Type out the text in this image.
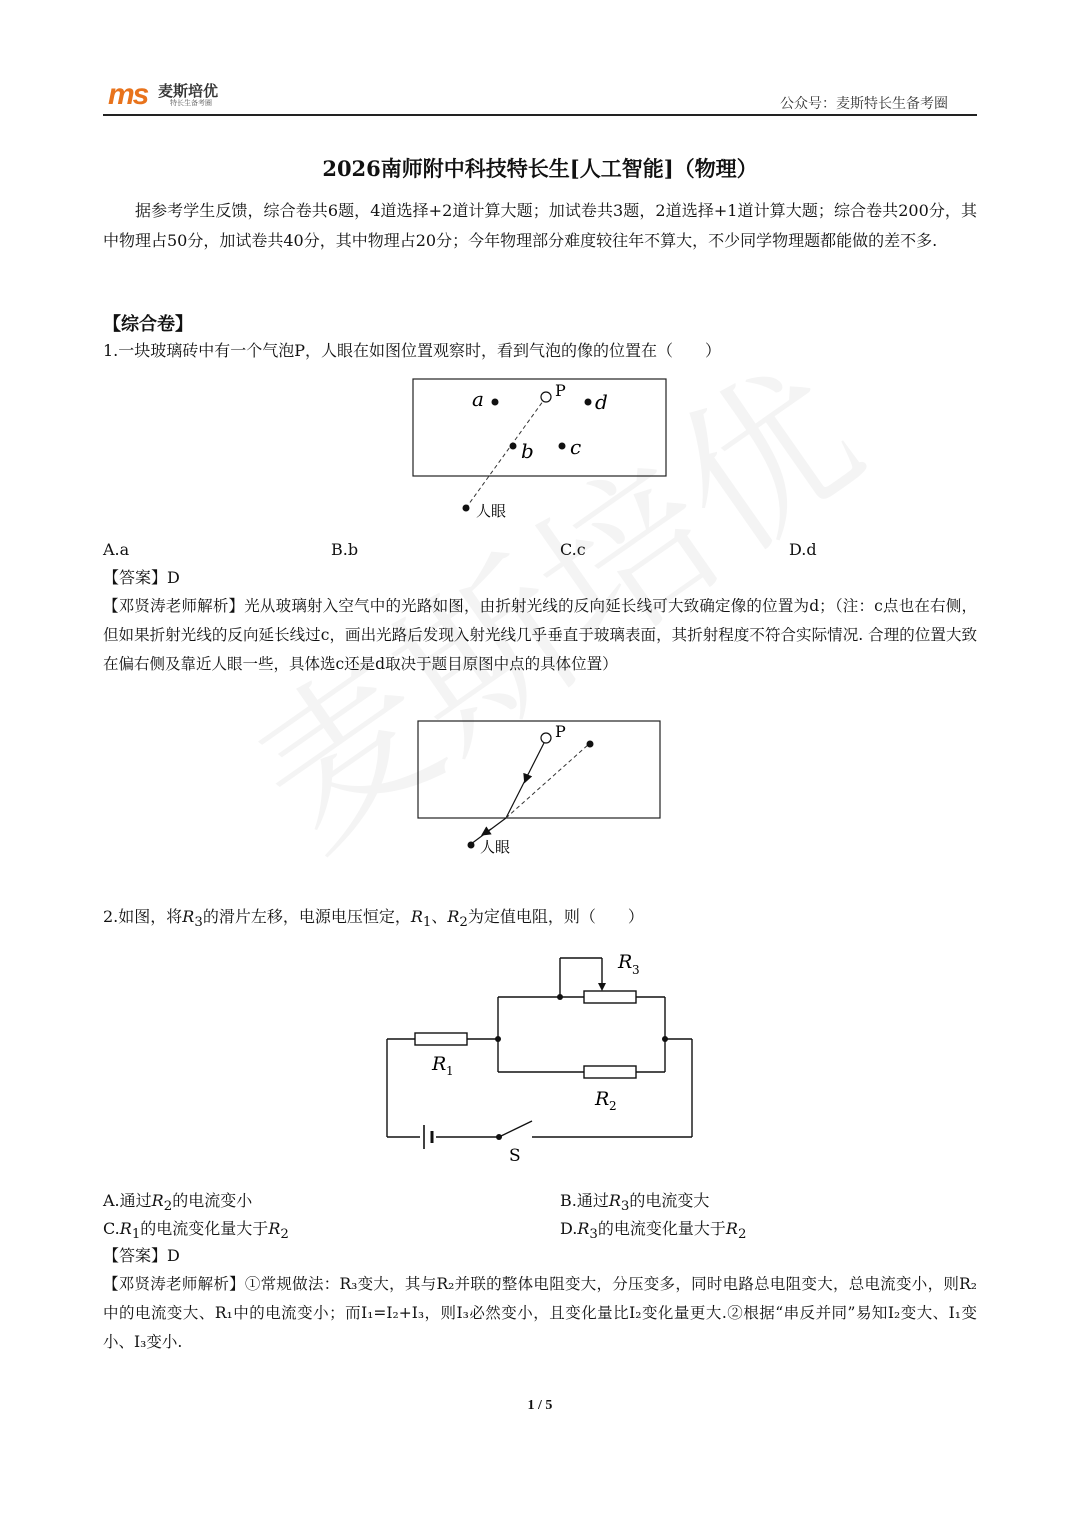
ms 麦斯培优
特长生备考圈	公众号：麦斯特长生备考圈
2026南师附中科技特长生[人工智能]（物理）
据参考学生反馈，综合卷共6题，4道选择+2道计算大题；加试卷共3题，2道选择+1道计算大题；综合卷共200分，其中物理占50分，加试卷共40分，其中物理占20分；今年物理部分难度较往年不算大，不少同学物理题都能做的差不多.
【综合卷】
1.一块玻璃砖中有一个气泡P，人眼在如图位置观察时，看到气泡的像的位置在（　　）
a	P d
b c
人眼
A.a	B.b	C.c	D.d
【答案】D
【邓贤涛老师解析】光从玻璃射入空气中的光路如图，由折射光线的反向延长线可大致确定像的位置为d；（注：c点也在右侧，但如果折射光线的反向延长线过c，画出光路后发现入射光线几乎垂直于玻璃表面，其折射程度不符合实际情况. 合理的位置大致在偏右侧及靠近人眼一些，具体选c还是d取决于题目原图中点的具体位置）
P
人眼
2.如图，将$R_3$的滑片左移，电源电压恒定，$R_1$、$R_2$为定值电阻，则（　　）
R 1
R 2
R 3
S
A.通过$R_2$的电流变小	B.通过$R_3$的电流变大
$C.R_1$的电流变化量大于$R_2$	$D.R_3$的电流变化量大于$R_2$
【答案】D
【邓贤涛老师解析】①常规做法：R₃变大，其与R₂并联的整体电阻变大，分压变多，同时电路总电阻变大，总电流变小，则R₂中的电流变大、R₁中的电流变小；而I₁=I₂+I₃，则I₃必然变小，且变化量比I₂变化量更大.②根据“串反并同”易知I₂变大、I₁变小、I₃变小.
1 / 5
